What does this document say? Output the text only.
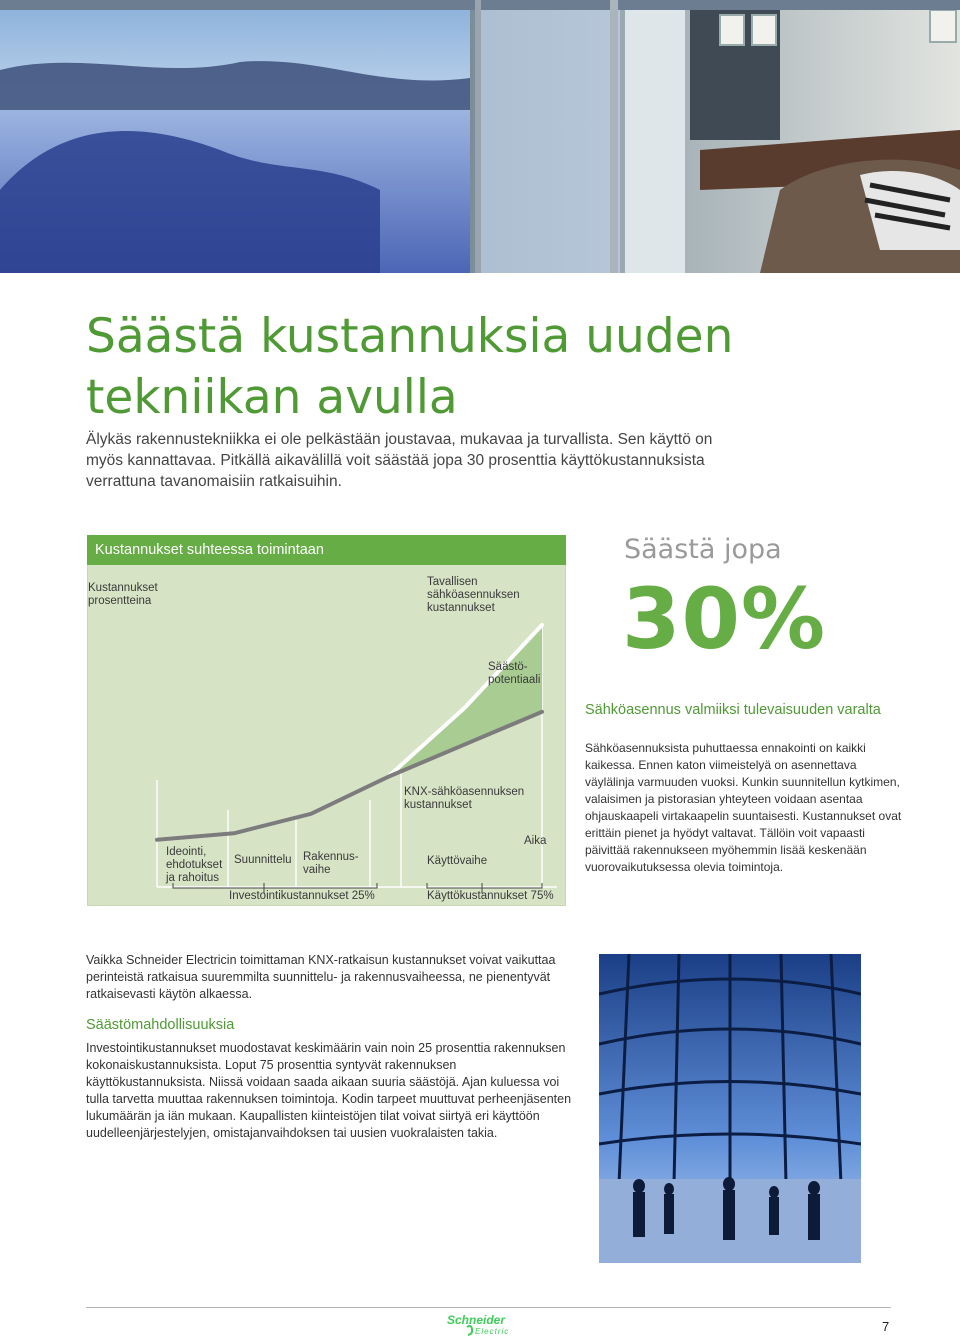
Säästä kustannuksia uuden
tekniikan avulla

Älykäs rakennustekniikka ei ole pelkästään joustavaa, mukavaa ja turvallista. Sen käyttö on myös kannattavaa. Pitkällä aikavälillä voit säästää jopa 30 prosenttia käyttökustannuksista verrattuna tavanomaisiin ratkaisuihin.

Kustannukset suhteessa toimintaan
Kustannukset
prosentteina
Tavallisen
sähköasennuksen
kustannukset
Säästö-
potentiaali
KNX-sähköasennuksen
kustannukset
Aika
Ideointi,
ehdotukset
ja rahoitus
Suunnittelu Rakennus-
vaihe
Käyttövaihe
Investointikustannukset 25%	Käyttökustannukset 75%
Säästä jopa
30%
Sähköasennus valmiiksi tulevaisuuden varalta

Sähköasennuksista puhuttaessa ennakointi on kaikki kaikessa. Ennen katon viimeistelyä on asennettava väylälinja varmuuden vuoksi. Kunkin suunnitellun kytkimen, valaisimen ja pistorasian yhteyteen voidaan asentaa ohjauskaapeli virtakaapelin suuntaisesti. Kustannukset ovat erittäin pienet ja hyödyt valtavat. Tällöin voit vapaasti päivittää rakennukseen myöhemmin lisää keskenään vuorovaikutuksessa olevia toimintoja.

Vaikka Schneider Electricin toimittaman KNX-ratkaisun kustannukset voivat vaikuttaa perinteistä ratkaisua suuremmilta suunnittelu- ja rakennusvaiheessa, ne pienentyvät ratkaisevasti käytön alkaessa.

Säästömahdollisuuksia

Investointikustannukset muodostavat keskimäärin vain noin 25 prosenttia rakennuksen kokonaiskustannuksista. Loput 75 prosenttia syntyvät rakennuksen käyttökustannuksista. Niissä voidaan saada aikaan suuria säästöjä. Ajan kuluessa voi tulla tarvetta muuttaa rakennuksen toimintoja. Kodin tarpeet muuttuvat perheenjäsenten lukumäärän ja iän mukaan. Kaupallisten kiinteistöjen tilat voivat siirtyä eri käyttöön uudelleenjärjestelyjen, omistajanvaihdoksen tai uusien vuokralaisten takia.

Schneider
Electric	7
